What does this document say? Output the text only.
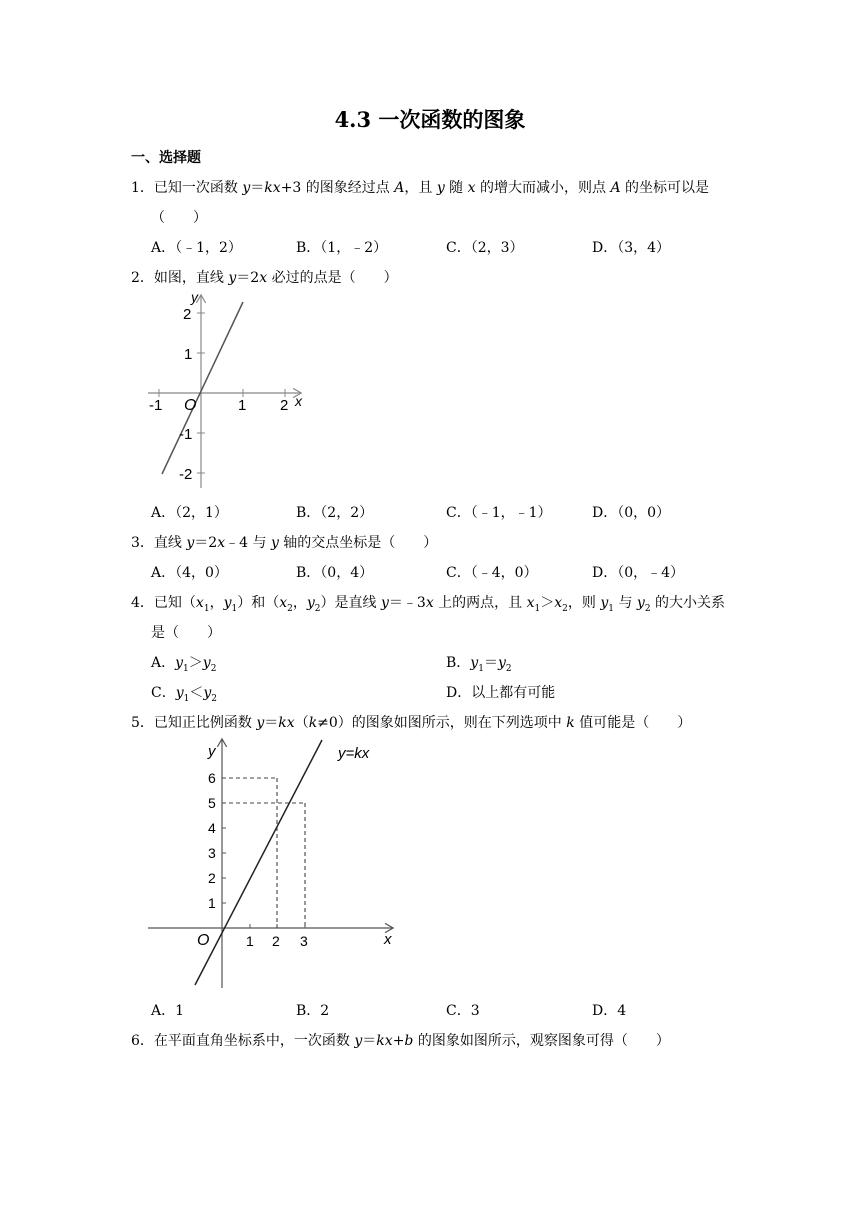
4.3 一次函数的图象
一、选择题
1．已知一次函数 y＝kx+3 的图象经过点 A，且 y 随 x 的增大而减小，则点 A 的坐标可以是
（　　）
A．（﹣1，2）	B．（1，﹣2）	C．（2，3）	D．（3，4）
2．如图，直线 y＝2x 必过的点是（　　）
y
x
O
-1	1 2
2
1
-1
-2
A．（2，1）	B．（2，2）	C．（﹣1，﹣1）	D．（0，0）
3．直线 y＝2x﹣4 与 y 轴的交点坐标是（　　）
A．（4，0）	B．（0，4）	C．（﹣4，0）	D．（0，﹣4）
4．已知（$x_1$，$y_1$）和（$x_2$，$y_2$）是直线 y＝﹣3x 上的两点，且 $x_1>x_2$，则 $y_1$ 与 $y_2$ 的大小关系
是（　　）
A．$y_1>y_2$	B．$y_1=y_2$
C．$y_1<y_2$	D．以上都有可能
5．已知正比例函数 y＝kx（k≠0）的图象如图所示，则在下列选项中 k 值可能是（　　）
y=kx
y
x
O	1 2 3
6
5
4
3
2
1
A．1	B．2	C．3	D．4
6．在平面直角坐标系中，一次函数 y＝kx+b 的图象如图所示，观察图象可得（　　）
